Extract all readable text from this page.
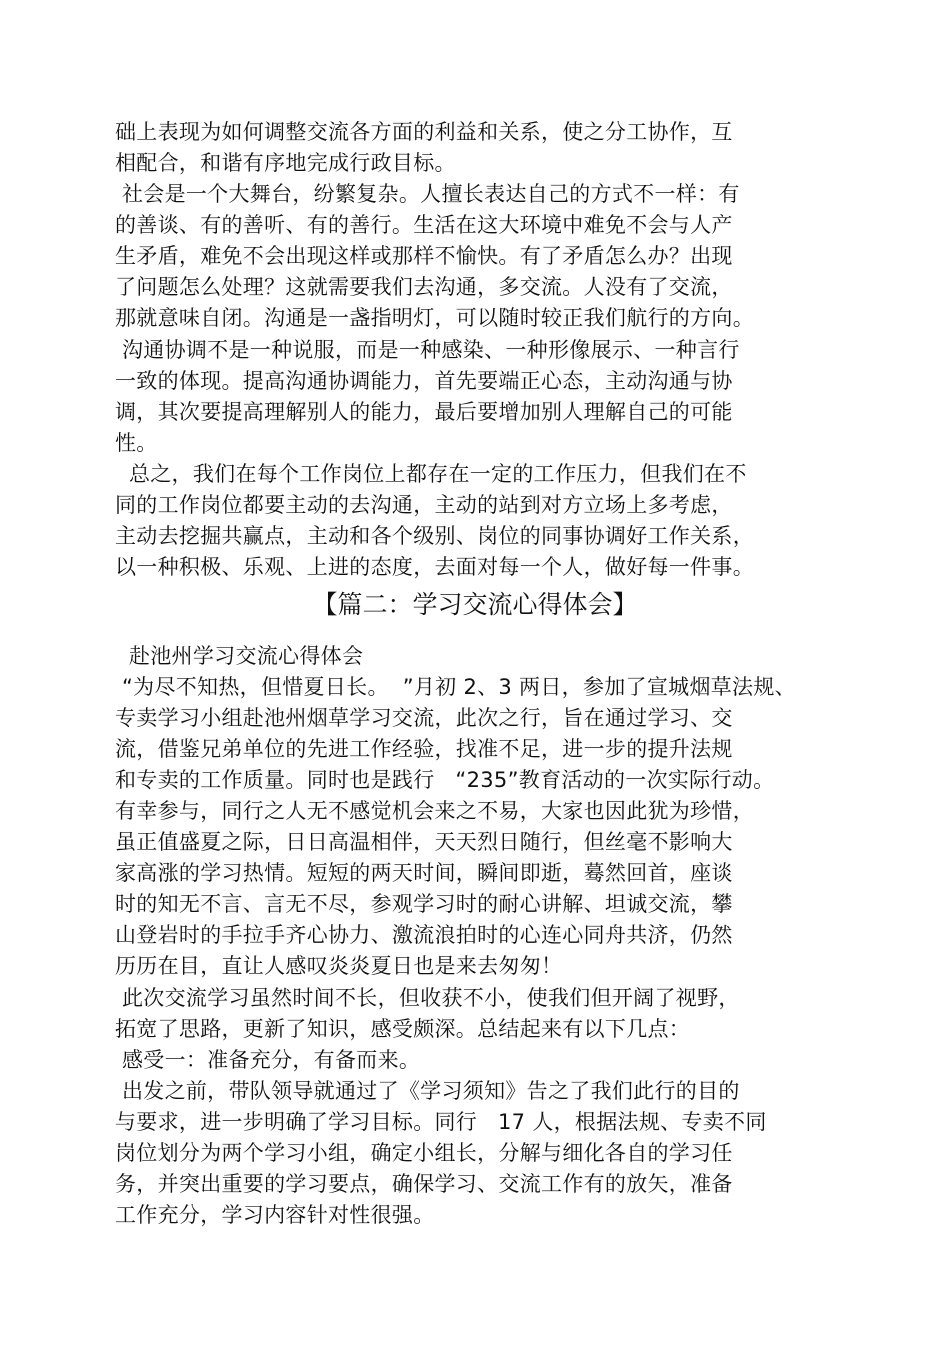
础上表现为如何调整交流各方面的利益和关系，使之分工协作，互
相配合，和谐有序地完成行政目标。
社会是一个大舞台，纷繁复杂。人擅长表达自己的方式不一样：有
的善谈、有的善听、有的善行。生活在这大环境中难免不会与人产
生矛盾，难免不会出现这样或那样不愉快。有了矛盾怎么办？出现
了问题怎么处理？这就需要我们去沟通，多交流。人没有了交流，
那就意味自闭。沟通是一盏指明灯，可以随时较正我们航行的方向。
沟通协调不是一种说服，而是一种感染、一种形像展示、一种言行
一致的体现。提高沟通协调能力，首先要端正心态，主动沟通与协
调，其次要提高理解别人的能力，最后要增加别人理解自己的可能
性。
总之，我们在每个工作岗位上都存在一定的工作压力，但我们在不
同的工作岗位都要主动的去沟通，主动的站到对方立场上多考虑，
主动去挖掘共赢点，主动和各个级别、岗位的同事协调好工作关系，
以一种积极、乐观、上进的态度，去面对每一个人，做好每一件事。
【篇二：学习交流心得体会】
赴池州学习交流心得体会
“为尽不知热，但惜夏日长。  ”月初 2、3 两日，参加了宣城烟草法规、
专卖学习小组赴池州烟草学习交流，此次之行，旨在通过学习、交
流，借鉴兄弟单位的先进工作经验，找准不足，进一步的提升法规
和专卖的工作质量。同时也是践行   “235”教育活动的一次实际行动。
有幸参与，同行之人无不感觉机会来之不易，大家也因此犹为珍惜，
虽正值盛夏之际，日日高温相伴，天天烈日随行，但丝毫不影响大
家高涨的学习热情。短短的两天时间，瞬间即逝，蓦然回首，座谈
时的知无不言、言无不尽，参观学习时的耐心讲解、坦诚交流，攀
山登岩时的手拉手齐心协力、激流浪拍时的心连心同舟共济，仍然
历历在目，直让人感叹炎炎夏日也是来去匆匆！
此次交流学习虽然时间不长，但收获不小，使我们但开阔了视野，
拓宽了思路，更新了知识，感受颇深。总结起来有以下几点：
感受一：准备充分，有备而来。
出发之前，带队领导就通过了《学习须知》告之了我们此行的目的
与要求，进一步明确了学习目标。同行   17 人，根据法规、专卖不同
岗位划分为两个学习小组，确定小组长，分解与细化各自的学习任
务，并突出重要的学习要点，确保学习、交流工作有的放矢，准备
工作充分，学习内容针对性很强。
